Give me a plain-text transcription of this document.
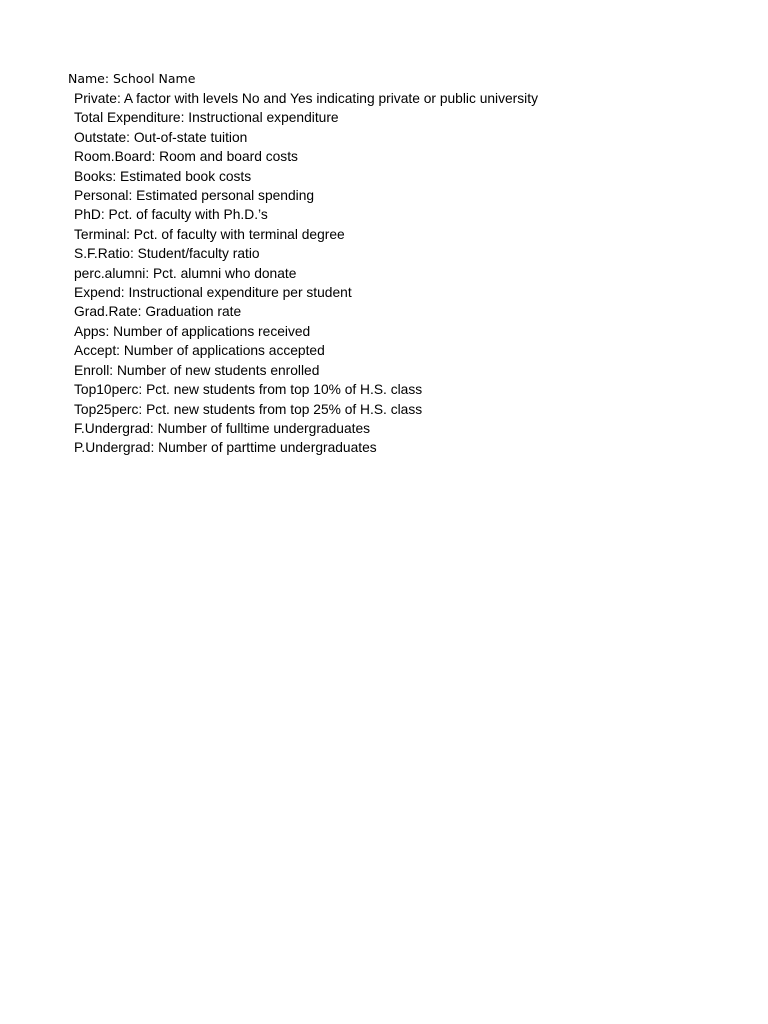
Name: School Name
Private: A factor with levels No and Yes indicating private or public university
Total Expenditure: Instructional expenditure
Outstate: Out-of-state tuition
Room.Board: Room and board costs
Books: Estimated book costs
Personal: Estimated personal spending
PhD: Pct. of faculty with Ph.D.’s
Terminal: Pct. of faculty with terminal degree
S.F.Ratio: Student/faculty ratio
perc.alumni: Pct. alumni who donate
Expend: Instructional expenditure per student
Grad.Rate: Graduation rate
Apps: Number of applications received
Accept: Number of applications accepted
Enroll: Number of new students enrolled
Top10perc: Pct. new students from top 10% of H.S. class
Top25perc: Pct. new students from top 25% of H.S. class
F.Undergrad: Number of fulltime undergraduates
P.Undergrad: Number of parttime undergraduates
